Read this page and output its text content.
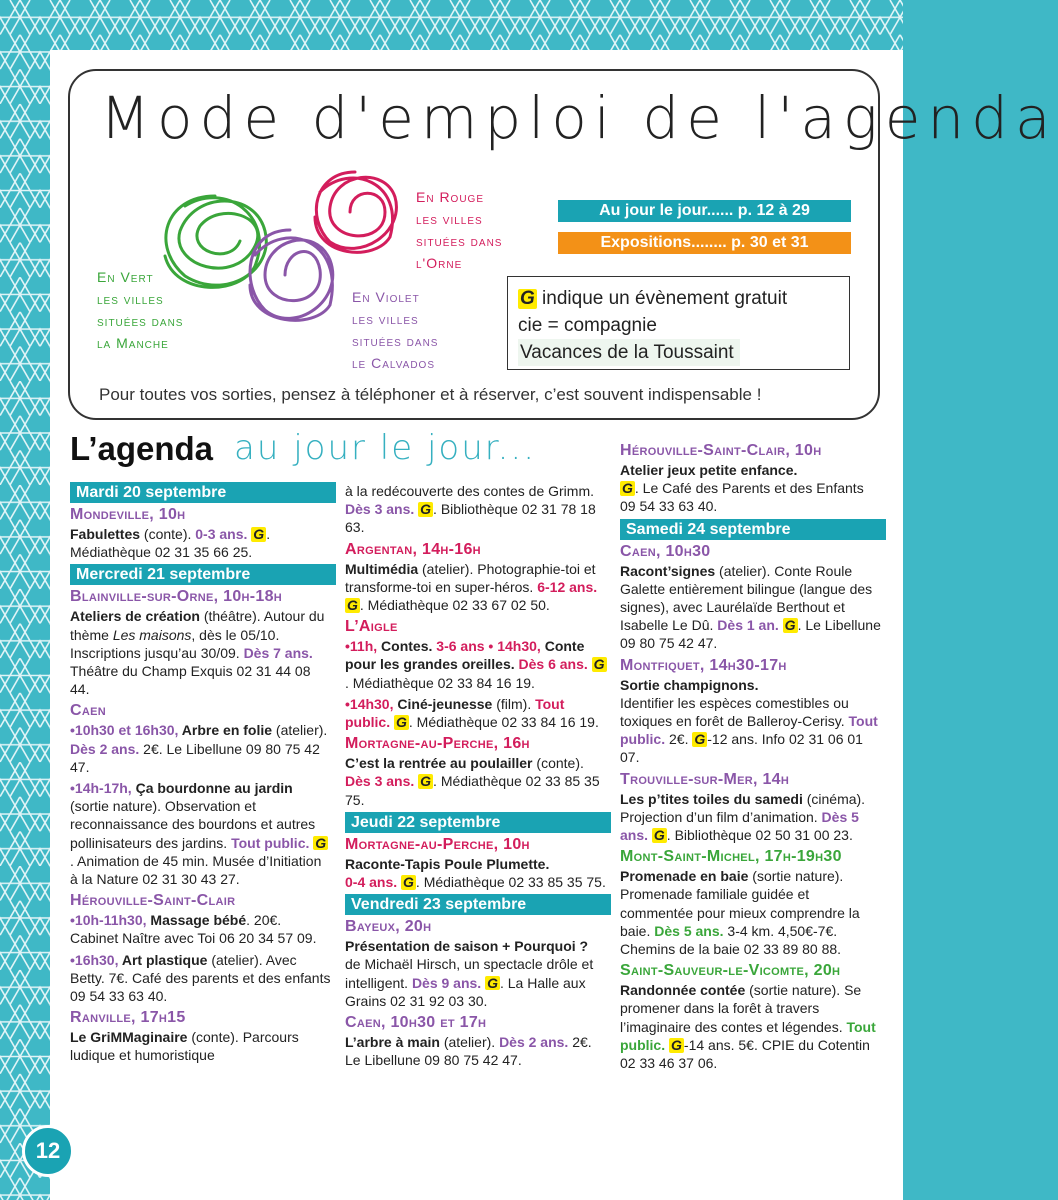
Mode d'emploi de l'agenda
En Vert
les villes
situées dans
la Manche
En Rouge
les villes
situées dans
l'Orne
En Violet
les villes
situées dans
le Calvados
Au jour le jour...... p. 12 à 29
Expositions........ p. 30 et 31
G indique un évènement gratuit
cie = compagnie
Vacances de la Toussaint
Pour toutes vos sorties, pensez à téléphoner et à réserver, c’est souvent indispensable !
L’agenda au jour le jour...
Mardi 20 septembre
Mondeville, 10h
Fabulettes (conte). 0-3 ans. G .
Médiathèque 02 31 35 66 25.
Mercredi 21 septembre
Blainville-sur-Orne, 10h-18h
Ateliers de création (théâtre). Autour du thème Les maisons, dès le 05/10. Inscriptions jusqu’au 30/09. Dès 7 ans. Théâtre du Champ Exquis 02 31 44 08 44.
Caen
•10h30 et 16h30, Arbre en folie (atelier). Dès 2 ans. 2€. Le Libellune 09 80 75 42 47.
•14h-17h, Ça bourdonne au jardin (sortie nature). Observation et reconnaissance des bourdons et autres pollinisateurs des jardins. Tout public. G. Animation de 45 min. Musée d’Initiation à la Nature 02 31 30 43 27.
Hérouville-Saint-Clair
•10h-11h30, Massage bébé. 20€. Cabinet Naître avec Toi 06 20 34 57 09.
•16h30, Art plastique (atelier). Avec Betty. 7€. Café des parents et des enfants 09 54 33 63 40.
Ranville, 17h15
Le GriMMaginaire (conte). Parcours ludique et humoristique
à la redécouverte des contes de Grimm. Dès 3 ans. G . Bibliothèque 02 31 78 18 63.
Argentan, 14h-16h
Multimédia (atelier). Photographie-toi et transforme-toi en super-héros. 6-12 ans. G . Médiathèque 02 33 67 02 50.
L’Aigle
•11h, Contes. 3-6 ans • 14h30, Conte pour les grandes oreilles. Dès 6 ans. G. Médiathèque 02 33 84 16 19.
•14h30, Ciné-jeunesse (film). Tout public. G . Médiathèque 02 33 84 16 19.
Mortagne-au-Perche, 16h
C’est la rentrée au poulailler (conte). Dès 3 ans. G . Médiathèque 02 33 85 35 75.
Jeudi 22 septembre
Mortagne-au-Perche, 10h
Raconte-Tapis Poule Plumette.
0-4 ans. G . Médiathèque 02 33 85 35 75.
Vendredi 23 septembre
Bayeux, 20h
Présentation de saison + Pourquoi ? de Michaël Hirsch, un spectacle drôle et intelligent. Dès 9 ans. G . La Halle aux Grains 02 31 92 03 30.
Caen, 10h30 et 17h
L’arbre à main (atelier). Dès 2 ans. 2€. Le Libellune 09 80 75 42 47.
Hérouville-Saint-Clair, 10h
Atelier jeux petite enfance.
G . Le Café des Parents et des Enfants 09 54 33 63 40.
Samedi 24 septembre
Caen, 10h30
Racont’signes (atelier). Conte Roule Galette entièrement bilingue (langue des signes), avec Laurélaïde Berthout et Isabelle Le Dû. Dès 1 an. G . Le Libellune 09 80 75 42 47.
Montfiquet, 14h30-17h
Sortie champignons.
Identifier les espèces comestibles ou toxiques en forêt de Balleroy-Cerisy. Tout public. 2€. G -12 ans. Info 02 31 06 01 07.
Trouville-sur-Mer, 14h
Les p’tites toiles du samedi (cinéma). Projection d’un film d’animation. Dès 5 ans. G . Bibliothèque 02 50 31 00 23.
Mont-Saint-Michel, 17h-19h30
Promenade en baie (sortie nature). Promenade familiale guidée et commentée pour mieux comprendre la baie. Dès 5 ans. 3-4 km. 4,50€-7€. Chemins de la baie 02 33 89 80 88.
Saint-Sauveur-le-Vicomte, 20h
Randonnée contée (sortie nature). Se promener dans la forêt à travers l’imaginaire des contes et légendes. Tout public. G -14 ans. 5€. CPIE du Cotentin 02 33 46 37 06.
12
